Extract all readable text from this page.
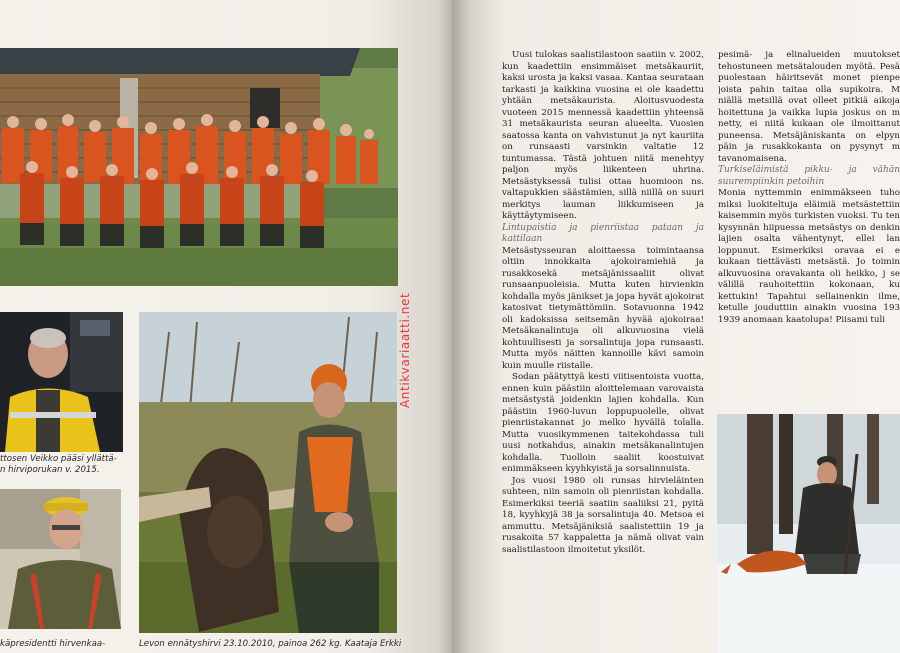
ttosen Veikko pääsi yllättä-
n hirviporukan v. 2015.
käpresidentti hirvenkaa-	Levon ennätyshirvi 23.10.2010, painoa 262 kg. Kaataja Erkki
Antikvariaatti.net

Uusi tulokas saalistilastoon saatiin v. 2002, kun kaadettiin ensimmäiset metsäkauriit, kaksi urosta ja kaksi vasaa. Kantaa seurataan tarkasti ja kaikkina vuosina ei ole kaadettu yhtään metsäkaurista. Aloitusvuodesta vuoteen 2015 mennessä kaadettiin yhteensä 31 metsäkaurista seuran alueelta. Vuosien saatossa kanta on vahvistunut ja nyt kauriita on runsaasti varsinkin valtatie 12 tuntumassa. Tästä johtuen niitä menehtyy paljon myös liikenteen uhrina. Metsästyksessä tulisi ottaa huomioon ns. valtapukkien säästämien, sillä niillä on suuri merkitys lauman liikkumiseen ja käyttäytymiseen.

Lintupaistia ja pienriistaa pataan ja kattilaan

Metsästysseuran aloittaessa toimintaansa oltiin innokkaita ajokoiramiehiä ja rusakkosekä metsäjänissaaliit olivat runsaanpuoleisia. Mutta kuten hirvienkin kohdalla myös jänikset ja jopa hyvät ajokoirat katosivat tietymättömiin. Sotavuonna 1942 oli kadoksissa seitsemän hyvää ajokoiraa! Metsäkanalintuja oli alkuvuosina vielä kohtuullisesti ja sorsalintuja jopa runsaasti. Mutta myös näitten kannoille kävi samoin kuin muulle riistalle.

Sodan päätyttyä kesti viitisentoista vuotta, ennen kuin päästiin aloittelemaan varovaista metsästystä joidenkin lajien kohdalla. Kun päästiin 1960-luvun loppupuolelle, olivat pienriistakannat jo melko hyvällä tolalla. Mutta vuosikymmenen taitekohdassa tuli uusi notkahdus, ainakin metsäkanalintujen kohdalla. Tuolloin saaliit koostuivat enimmäkseen kyyhkyistä ja sorsalinnuista.

Jos vuosi 1980 oli runsas hirvieläinten suhteen, niin samoin oli pienriistan kohdalla. Esimerkiksi teeriä saatiin saaliiksi 21, pyitä 18, kyyhkyjä 38 ja sorsalintuja 40. Metsoa ei ammuttu. Metsäjäniksiä saalistettiin 19 ja rusakoita 57 kappaletta ja nämä olivat vain saalistilastoon ilmoitetut yksilöt.

pesimä- ja elinalueiden muutokset tehostuneen metsätalouden myötä. Pesä puolestaan häiritsevät monet pienpe joista pahin taitaa olla supikoira. M niällä metsillä ovat olleet pitkiä aikoja hoitettuna ja vaikka lupia joskus on m netty, ei niitä kukaan ole ilmoittanut puneensa. Metsäjäniskanta on elpyn päin ja rusakkokanta on pysynyt m tavanomaisena.

Turkiseläimistä pikku- ja vähän suurempiinkin petoihin

Monia nyttemmin enimmäkseen tuho miksi luokiteltuja eläimiä metsästettiin kaisemmin myös turkisten vuoksi. Tu ten kysynnän hiipuessa metsästys on denkin lajien osalta vähentynyt, ellei lan loppunut. Esimerkiksi oravaa ei e kukaan tiettävästi metsästä. Jo toimin alkuvuosina oravakanta oli heikko, j se välillä rauhoitettiin kokonaan, ku kettukin! Tapahtui sellainenkin ilme, ketulle jouduttiin ainakin vuosina 193 1939 anomaan kaatolupa! Piisami tuli
